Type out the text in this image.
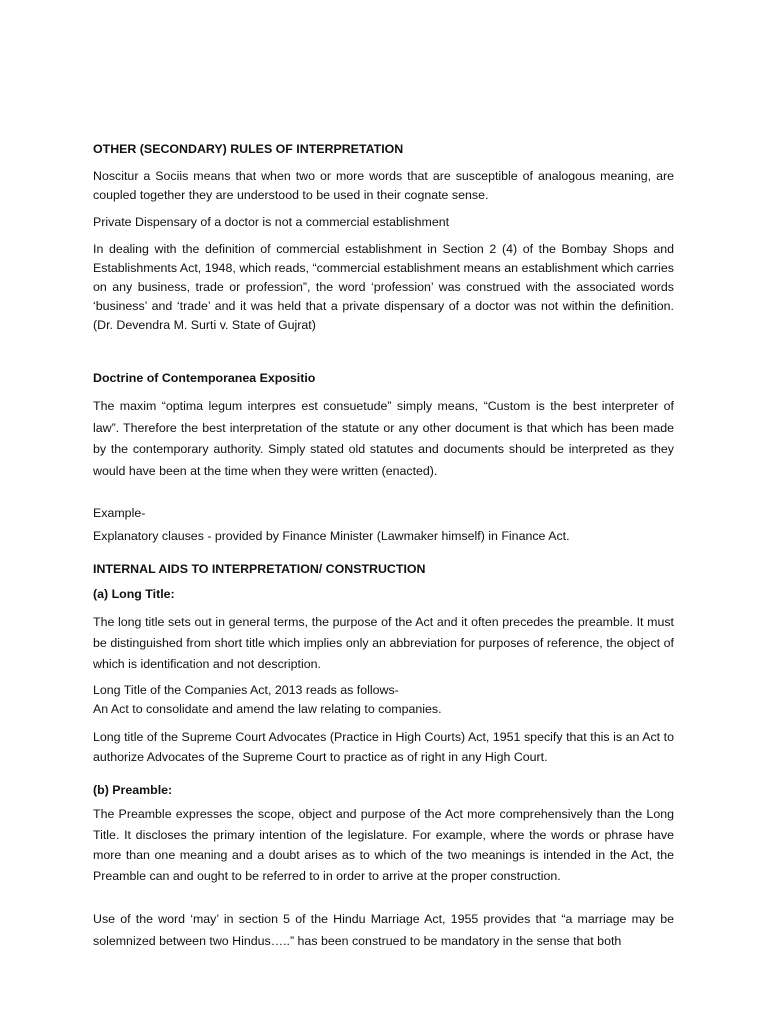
OTHER (SECONDARY) RULES OF INTERPRETATION

Noscitur a Sociis means that when two or more words that are susceptible of analogous meaning, are coupled together they are understood to be used in their cognate sense.

Private Dispensary of a doctor is not a commercial establishment

In dealing with the definition of commercial establishment in Section 2 (4) of the Bombay Shops and Establishments Act, 1948, which reads, “commercial establishment means an establishment which carries on any business, trade or profession”, the word ‘profession’ was construed with the associated words ‘business’ and ‘trade’ and it was held that a private dispensary of a doctor was not within the definition. (Dr. Devendra M. Surti v. State of Gujrat)

Doctrine of Contemporanea Expositio

The maxim “optima legum interpres est consuetude” simply means, “Custom is the best interpreter of law”. Therefore the best interpretation of the statute or any other document is that which has been made by the contemporary authority. Simply stated old statutes and documents should be interpreted as they would have been at the time when they were written (enacted).

Example-

Explanatory clauses - provided by Finance Minister (Lawmaker himself) in Finance Act.

INTERNAL AIDS TO INTERPRETATION/ CONSTRUCTION

(a) Long Title:

The long title sets out in general terms, the purpose of the Act and it often precedes the preamble. It must be distinguished from short title which implies only an abbreviation for purposes of reference, the object of which is identification and not description.

Long Title of the Companies Act, 2013 reads as follows-
An Act to consolidate and amend the law relating to companies.

Long title of the Supreme Court Advocates (Practice in High Courts) Act, 1951 specify that this is an Act to authorize Advocates of the Supreme Court to practice as of right in any High Court.

(b) Preamble:

The Preamble expresses the scope, object and purpose of the Act more comprehensively than the Long Title. It discloses the primary intention of the legislature. For example, where the words or phrase have more than one meaning and a doubt arises as to which of the two meanings is intended in the Act, the Preamble can and ought to be referred to in order to arrive at the proper construction.

Use of the word ‘may’ in section 5 of the Hindu Marriage Act, 1955 provides that “a marriage may be solemnized between two Hindus…..” has been construed to be mandatory in the sense that both
